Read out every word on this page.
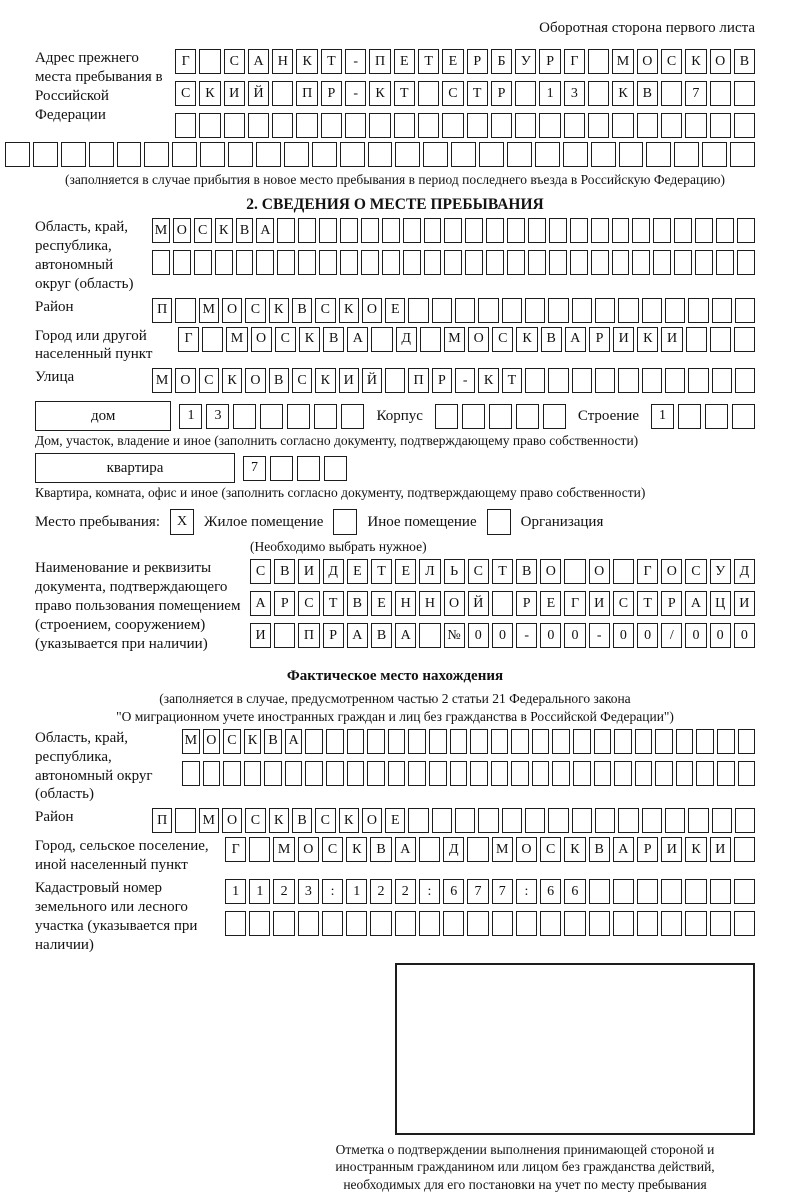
Оборотная сторона первого листа
Адрес прежнего места пребывания в Российской Федерации
Г	С	А	Н	К	Т	-	П	Е	Т	Е	Р	Б	У	Р	Г	М О	С	К	О	В
С	К	И	Й	П	Р	-	К	Т	С	Т	Р	1	3	К	В	7
(заполняется в случае прибытия в новое место пребывания в период последнего въезда в Российскую Федерацию)
2. СВЕДЕНИЯ О МЕСТЕ ПРЕБЫВАНИЯ
Область, край, республика, автономный округ (область)
М О С К В А
Район	П	М О С К В С К О Е
Город или другой населенный пункт
Г	М О	С	К	В	А	Д	М О	С	К	В	А	Р	И	К	И
Улица	М О С К О В С К И Й	П	Р	-	К	Т
дом	1	3	Корпус	Строение	1
Дом, участок, владение и иное (заполнить согласно документу, подтверждающему право собственности)
квартира	7
Квартира, комната, офис и иное (заполнить согласно документу, подтверждающему право собственности)
Место пребывания:	X	Жилое помещение	Иное помещение	Организация
(Необходимо выбрать нужное)
Наименование и реквизиты документа, подтверждающего право пользования помещением (строением, сооружением) (указывается при наличии)
С	В	И	Д	Е	Т	Е	Л	Ь	С	Т	В	О	О	Г	О	С	У	Д
А	Р	С	Т	В	Е	Н	Н	О	Й	Р	Е	Г	И	С	Т	Р	А	Ц	И
И	П	Р	А	В	А	№	0	0	-	0	0	-	0	0	/	0	0	0
Фактическое место нахождения
(заполняется в случае, предусмотренном частью 2 статьи 21 Федерального закона
"О миграционном учете иностранных граждан и лиц без гражданства в Российской Федерации")
Область, край, республика, автономный округ (область)
М О С К В А
Район	П	М О С К В С К О Е
Город, сельское поселение, иной населенный пункт
Г	М О	С	К	В	А	Д	М О	С	К	В	А	Р	И	К	И
Кадастровый номер земельного или лесного участка (указывается при наличии)
1	1	2	3	:	1	2	2	:	6	7	7	:	6	6
Отметка о подтверждении выполнения принимающей стороной и иностранным гражданином или лицом без гражданства действий, необходимых для его постановки на учет по месту пребывания
